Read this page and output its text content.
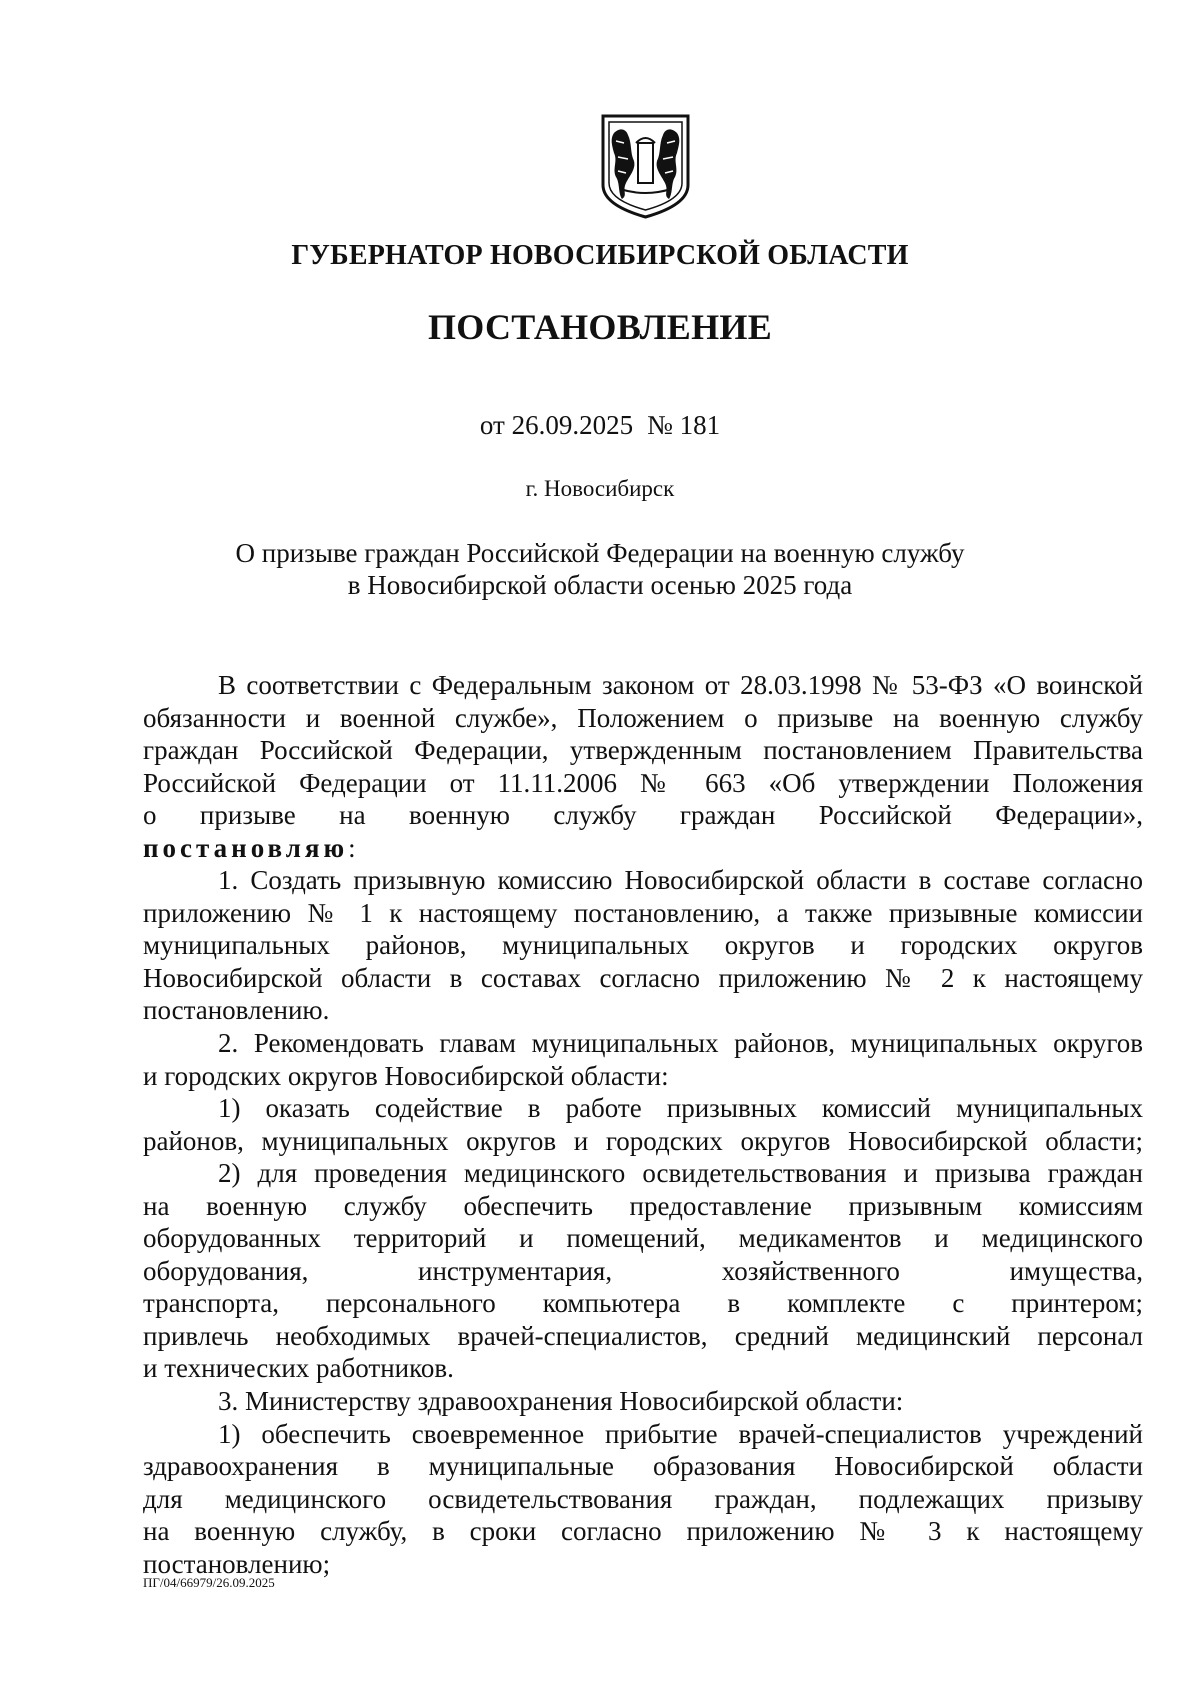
ГУБЕРНАТОР НОВОСИБИРСКОЙ ОБЛАСТИ
ПОСТАНОВЛЕНИЕ
от 26.09.2025 № 181
г. Новосибирск
О призыве граждан Российской Федерации на военную службу
в Новосибирской области осенью 2025 года
В соответствии с Федеральным законом от 28.03.1998 № 53-ФЗ «О воинской
обязанности и военной службе», Положением о призыве на военную службу
граждан Российской Федерации, утвержденным постановлением Правительства
Российской Федерации от 11.11.2006 № 663 «Об утверждении Положения
о призыве на военную службу граждан Российской Федерации»,
постановляю:
1. Создать призывную комиссию Новосибирской области в составе согласно
приложению № 1 к настоящему постановлению, а также призывные комиссии
муниципальных районов, муниципальных округов и городских округов
Новосибирской области в составах согласно приложению № 2 к настоящему
постановлению.
2. Рекомендовать главам муниципальных районов, муниципальных округов
и городских округов Новосибирской области:
1) оказать содействие в работе призывных комиссий муниципальных
районов, муниципальных округов и городских округов Новосибирской области;
2) для проведения медицинского освидетельствования и призыва граждан
на военную службу обеспечить предоставление призывным комиссиям
оборудованных территорий и помещений, медикаментов и медицинского
оборудования, инструментария, хозяйственного имущества,
транспорта, персонального компьютера в комплекте с принтером;
привлечь необходимых врачей-специалистов, средний медицинский персонал
и технических работников.
3. Министерству здравоохранения Новосибирской области:
1) обеспечить своевременное прибытие врачей-специалистов учреждений
здравоохранения в муниципальные образования Новосибирской области
для медицинского освидетельствования граждан, подлежащих призыву
на военную службу, в сроки согласно приложению № 3 к настоящему
постановлению;
ПГ/04/66979/26.09.2025
